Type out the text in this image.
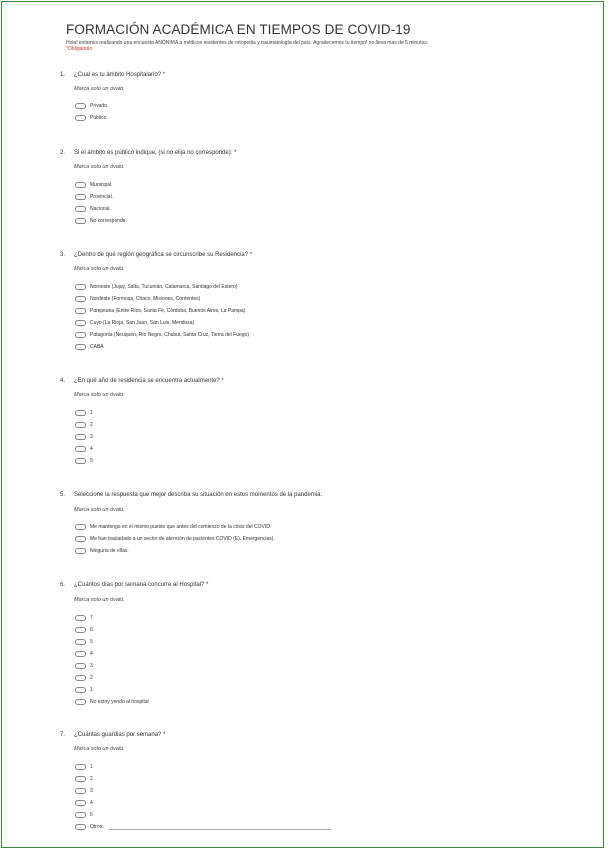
FORMACIÓN ACADÉMICA EN TIEMPOS DE COVID-19
Hola! estamos realizando una encuesta ANÓNIMA a médicos residentes de ortopedia y traumatología del país. Agradecemos tu tiempo! no lleva mas de 5 minutos.
*Obligatorio
1. ¿Cual es tu ámbito Hospitalario? *
Marca solo un óvalo.
Privado.
Público.
2. Si el ámbito es público indique, (si no elija no corresponde): *
Marca solo un óvalo.
Municipal.
Provincial.
Nacional.
No corresponde.
3. ¿Dentro de qué región geográfica se circunscribe su Residencia? *
Marca solo un óvalo.
Noroeste (Jujuy, Salta, Tucumán, Catamarca, Santiago del Estero)
Nordeste (Formosa, Chaco, Misiones, Corrientes)
Pampeana (Entre Ríos, Santa Fé, Córdoba, Buenos Aires, La Pampa)
Cuyo (La Rioja, San Juan, San Luis, Mendoza)
Patagonia (Neuquén, Río Negro, Chubut, Santa Cruz, Tierra del Fuego)
CABA
4. ¿En qué año de residencia se encuentra actualmente? *
Marca solo un óvalo.
1
2
3
4
5
5. Seleccione la respuesta que mejor describa su situación en estos momentos de la pandemia:
Marca solo un óvalo.
Me mantengo en el mismo puesto que antes del comienzo de la crisis del COVID.
Me han trasladado a un sector de atención de pacientes COVID (E). Emergencias).
Ninguna de ellas.
6. ¿Cuántos días por semana concurre al Hospital? *
Marca solo un óvalo.
7
6
5
4
3
2
1
No estoy yendo al hospital
7. ¿Cuántas guardias por semana? *
Marca solo un óvalo.
1
2
3
4
5
Otros:
